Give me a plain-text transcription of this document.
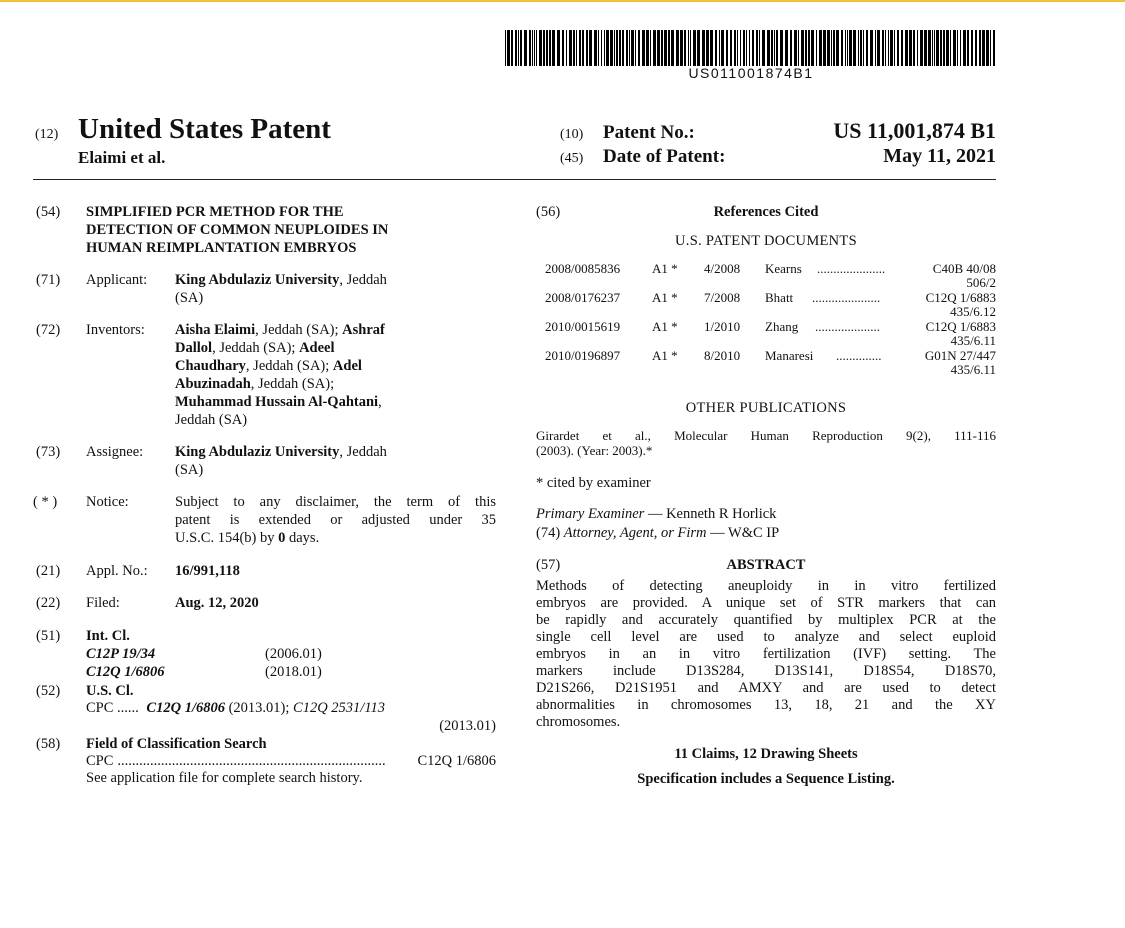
US011001874B1
(12) United States Patent
Elaimi et al.
(10) Patent No.:	US 11,001,874 B1
(45) Date of Patent:	May 11, 2021
(54) SIMPLIFIED PCR METHOD FOR THE
DETECTION OF COMMON NEUPLOIDES IN
HUMAN REIMPLANTATION EMBRYOS
(71) Applicant: King Abdulaziz University, Jeddah
(SA)
(72) Inventors: Aisha Elaimi, Jeddah (SA); Ashraf
Dallol, Jeddah (SA); Adeel
Chaudhary, Jeddah (SA); Adel
Abuzinadah, Jeddah (SA);
Muhammad Hussain Al-Qahtani,
Jeddah (SA)
(73) Assignee: King Abdulaziz University, Jeddah
(SA)
( * ) Notice:	Subject to any disclaimer, the term of this
patent is extended or adjusted under 35
U.S.C. 154(b) by 0 days.
(21) Appl. No.: 16/991,118
(22) Filed:	Aug. 12, 2020
(51) Int. Cl.
C12P 19/34	(2006.01)
C12Q 1/6806	(2018.01)
(52) U.S. Cl.
CPC ...... C12Q 1/6806 (2013.01); C12Q 2531/113
(2013.01)
(58) Field of Classification Search
CPC ..........................................................................	C12Q 1/6806
See application file for complete search history.
(56)	References Cited
U.S. PATENT DOCUMENTS
2008/0085836 A1 * 4/2008 Kearns .....................	C40B 40/08
506/2
2008/0176237 A1 * 7/2008 Bhatt .....................	C12Q 1/6883
435/6.12
2010/0015619 A1 * 1/2010 Zhang ....................	C12Q 1/6883
435/6.11
2010/0196897 A1 * 8/2010 Manaresi ..............	G01N 27/447
435/6.11
OTHER PUBLICATIONS
Girardet et al., Molecular Human Reproduction 9(2), 111-116
(2003). (Year: 2003).*
* cited by examiner
Primary Examiner — Kenneth R Horlick
(74) Attorney, Agent, or Firm — W&C IP
(57)	ABSTRACT
Methods of detecting aneuploidy in in vitro fertilized
embryos are provided. A unique set of STR markers that can
be rapidly and accurately quantified by multiplex PCR at the
single cell level are used to analyze and select euploid
embryos in an in vitro fertilization (IVF) setting. The
markers include D13S284, D13S141, D18S54, D18S70,
D21S266, D21S1951 and AMXY and are used to detect
abnormalities in chromosomes 13, 18, 21 and the XY
chromosomes.
11 Claims, 12 Drawing Sheets
Specification includes a Sequence Listing.
